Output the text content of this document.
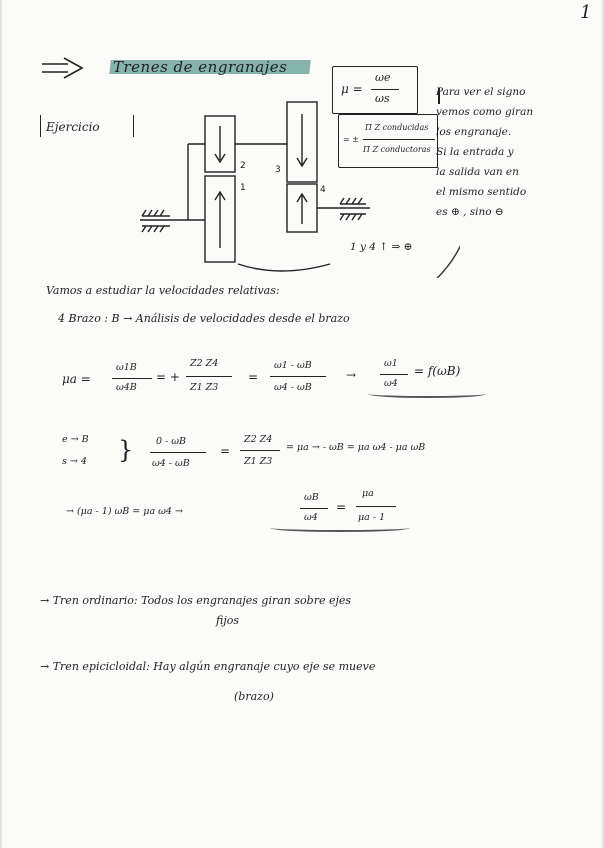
1
Trenes de engranajes
Ejercicio
2
1
3
4
1 y 4 ↑ ⇒ ⊕
μ =
ωe
ωs
= ±
Π Z conducidas
Π Z conductoras
Para ver el signo
vemos como giran
los engranaje.
Si la entrada y
la salida van en
el mismo sentido
es ⊕ , sino ⊖
Vamos a estudiar la velocidades relativas:
4 Brazo : B → Análisis de velocidades desde el brazo
μa =
ω1B
ω4B
= +
Z2 Z4
Z1 Z3
=
ω1 - ωB
ω4 - ωB
→
ω1
ω4
= f(ωB)
e → B
s → 4 } 0 - ωB
ω4 - ωB
=
Z2 Z4
Z1 Z3
= μa → - ωB = μa ω4 - μa ωB
→ (μa - 1) ωB = μa ω4 →
ωB
ω4
=
μa
μa - 1
→ Tren ordinario: Todos los engranajes giran sobre ejes
fijos
→ Tren epicicloidal: Hay algún engranaje cuyo eje se mueve
(brazo)
